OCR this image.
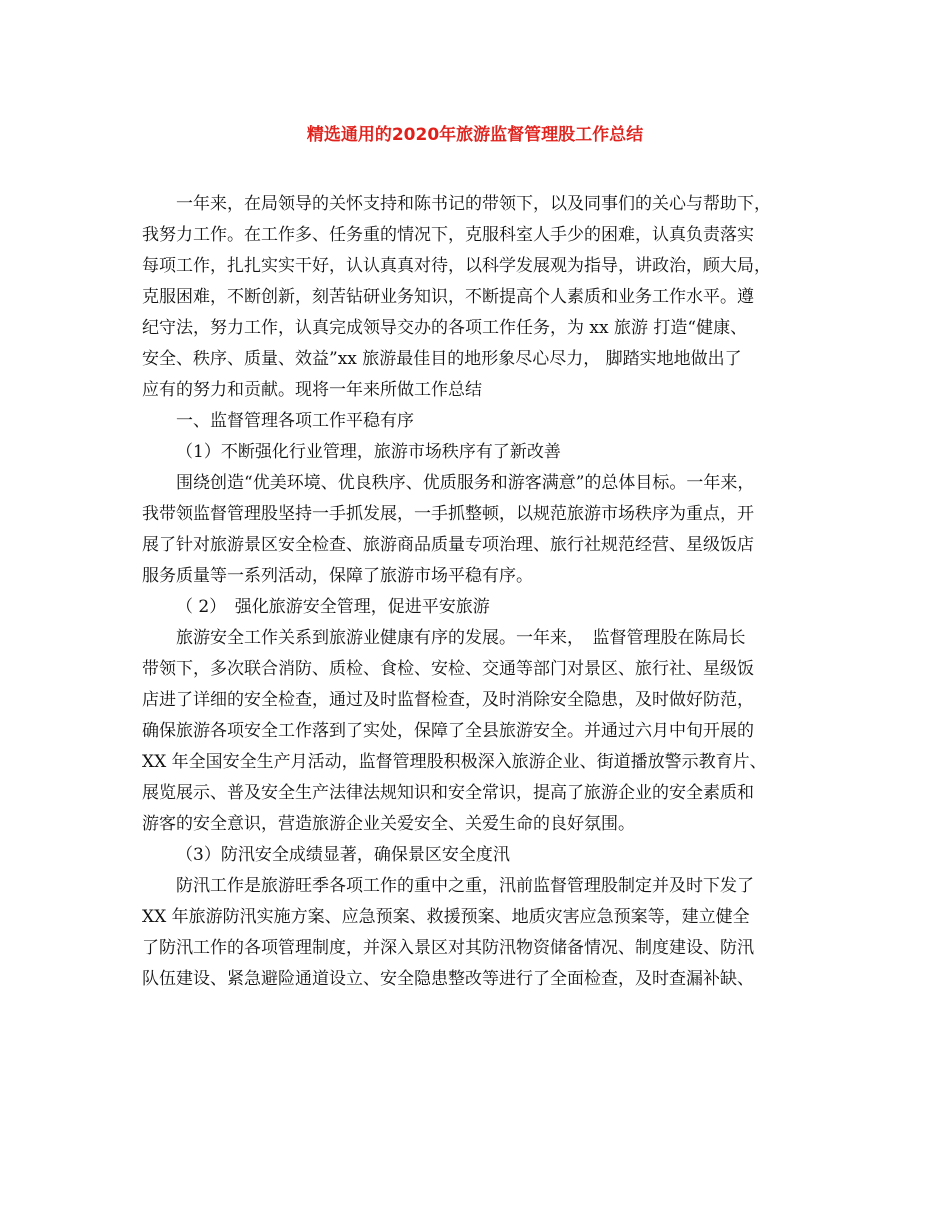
精选通用的2020年旅游监督管理股工作总结
一年来，在局领导的关怀支持和陈书记的带领下，以及同事们的关心与帮助下，
我努力工作。在工作多、任务重的情况下，克服科室人手少的困难，认真负责落实
每项工作，扎扎实实干好，认认真真对待，以科学发展观为指导，讲政治，顾大局，
克服困难，不断创新，刻苦钻研业务知识，不断提高个人素质和业务工作水平。遵
纪守法，努力工作，认真完成领导交办的各项工作任务，为 xx 旅游 打造“健康、
安全、秩序、质量、效益”xx 旅游最佳目的地形象尽心尽力， 脚踏实地地做出了
应有的努力和贡献。现将一年来所做工作总结
一、监督管理各项工作平稳有序
（1）不断强化行业管理，旅游市场秩序有了新改善
围绕创造“优美环境、优良秩序、优质服务和游客满意”的总体目标。一年来，
我带领监督管理股坚持一手抓发展，一手抓整顿，以规范旅游市场秩序为重点，开
展了针对旅游景区安全检查、旅游商品质量专项治理、旅行社规范经营、星级饭店
服务质量等一系列活动，保障了旅游市场平稳有序。
（ 2）　强化旅游安全管理，促进平安旅游
旅游安全工作关系到旅游业健康有序的发展。一年来，　监督管理股在陈局长
带领下，多次联合消防、质检、食检、安检、交通等部门对景区、旅行社、星级饭
店进了详细的安全检查，通过及时监督检查，及时消除安全隐患，及时做好防范，
确保旅游各项安全工作落到了实处，保障了全县旅游安全。并通过六月中旬开展的
XX 年全国安全生产月活动，监督管理股积极深入旅游企业、街道播放警示教育片、
展览展示、普及安全生产法律法规知识和安全常识，提高了旅游企业的安全素质和
游客的安全意识，营造旅游企业关爱安全、关爱生命的良好氛围。
（3）防汛安全成绩显著，确保景区安全度汛
防汛工作是旅游旺季各项工作的重中之重，汛前监督管理股制定并及时下发了
XX 年旅游防汛实施方案、应急预案、救援预案、地质灾害应急预案等，建立健全
了防汛工作的各项管理制度，并深入景区对其防汛物资储备情况、制度建设、防汛
队伍建设、紧急避险通道设立、安全隐患整改等进行了全面检查，及时查漏补缺、
